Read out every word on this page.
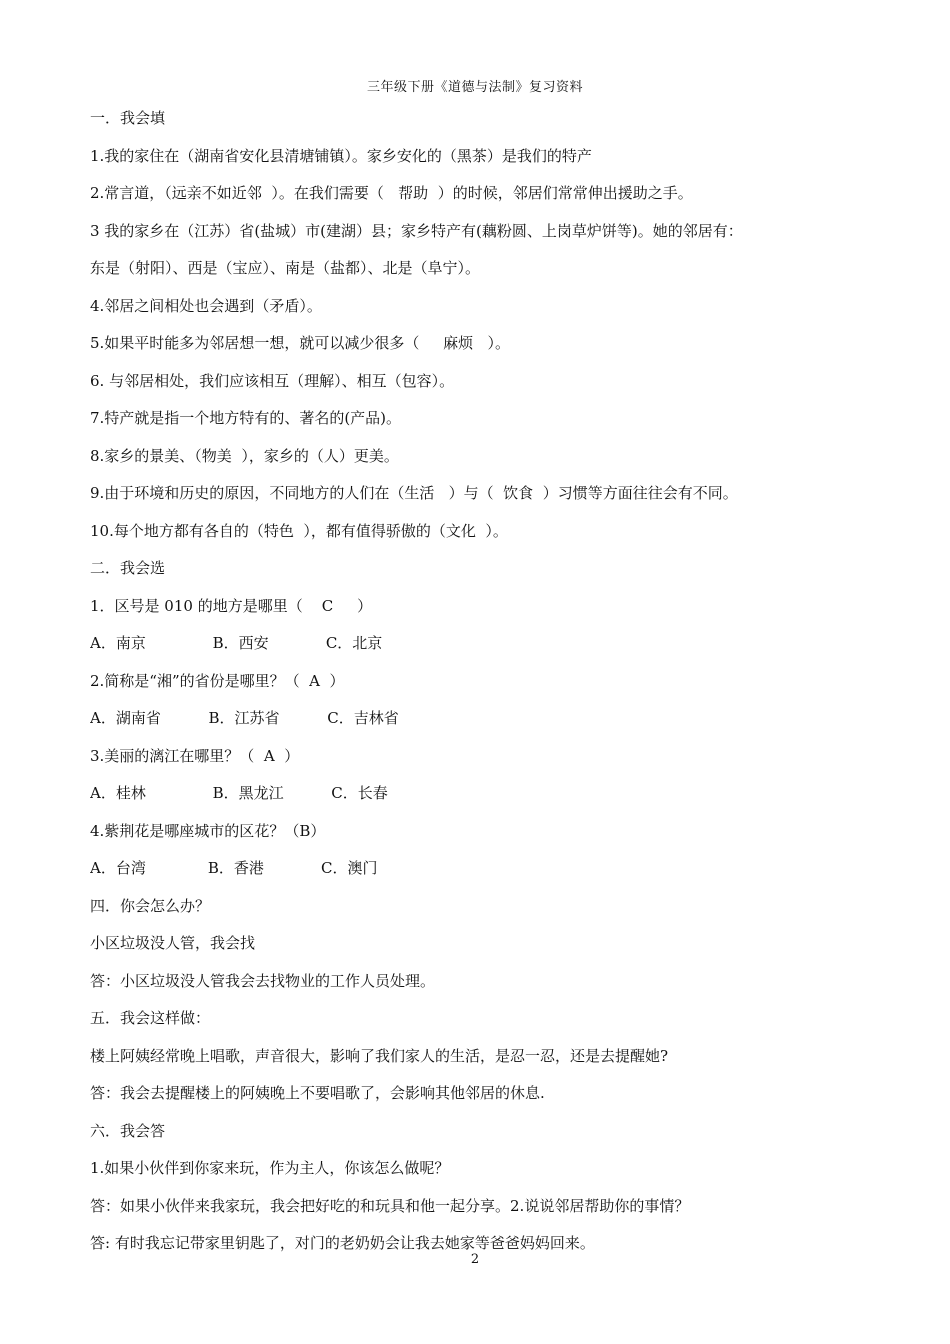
三年级下册《道德与法制》复习资料
一．我会填
1.我的家住在（湖南省安化县清塘铺镇）。家乡安化的（黑茶）是我们的特产
2.常言道，（远亲不如近邻  ）。在我们需要（   帮助  ）的时候，邻居们常常伸出援助之手。
3 我的家乡在（江苏）省(盐城）市(建湖）县；家乡特产有(藕粉圆、上岗草炉饼等)。她的邻居有：
东是（射阳）、西是（宝应）、南是（盐都）、北是（阜宁）。
4.邻居之间相处也会遇到（矛盾）。
5.如果平时能多为邻居想一想，就可以减少很多（     麻烦   ）。
6. 与邻居相处，我们应该相互（理解）、相互（包容）。
7.特产就是指一个地方特有的、著名的(产品)。
8.家乡的景美、（物美  ），家乡的（人）更美。
9.由于环境和历史的原因，不同地方的人们在（生活   ）与（  饮食  ）习惯等方面往往会有不同。
10.每个地方都有各自的（特色  ），都有值得骄傲的（文化  ）。
二．我会选
1．区号是 010 的地方是哪里（    C     ）
A．南京              B．西安            C．北京
2.简称是“湘”的省份是哪里？（  A  ）
A．湖南省          B．江苏省          C．吉林省
3.美丽的漓江在哪里？（  A  ）
A．桂林              B．黑龙江          C．长春
4.紫荆花是哪座城市的区花？（B）
A．台湾             B．香港            C．澳门
四．你会怎么办？
小区垃圾没人管，我会找
答：小区垃圾没人管我会去找物业的工作人员处理。
五．我会这样做：
楼上阿姨经常晚上唱歌，声音很大，影响了我们家人的生活，是忍一忍，还是去提醒她?
答：我会去提醒楼上的阿姨晚上不要唱歌了，会影响其他邻居的休息.
六．我会答
1.如果小伙伴到你家来玩，作为主人，你该怎么做呢？
答：如果小伙伴来我家玩，我会把好吃的和玩具和他一起分享。2.说说邻居帮助你的事情？
答: 有时我忘记带家里钥匙了，对门的老奶奶会让我去她家等爸爸妈妈回来。
2
